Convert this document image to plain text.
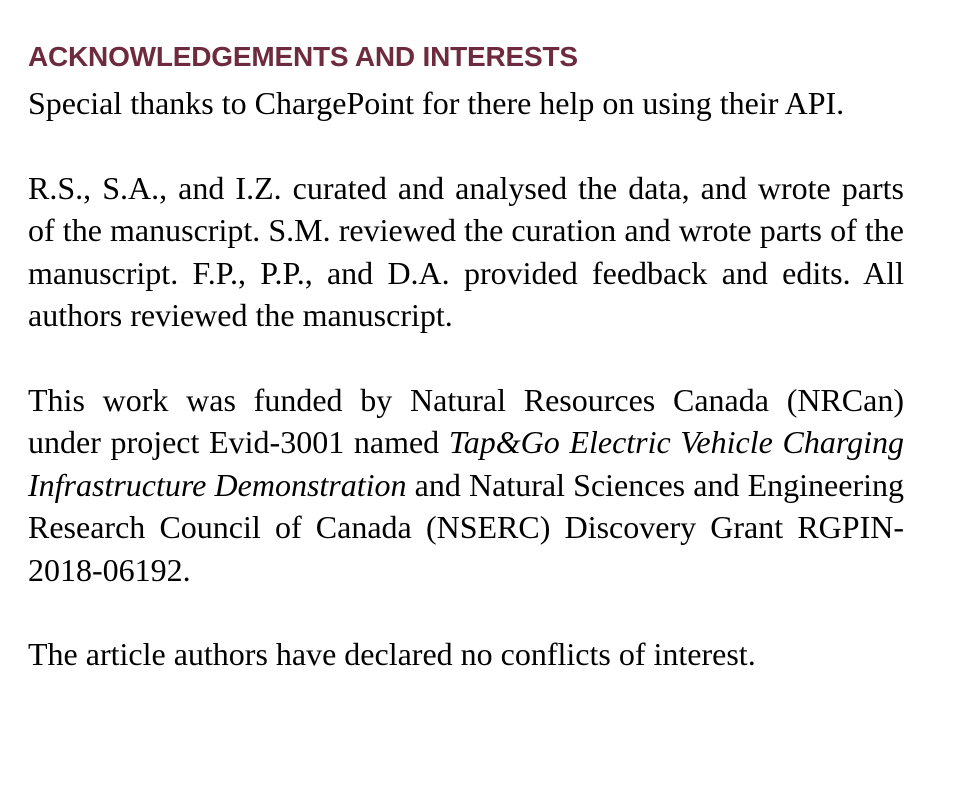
ACKNOWLEDGEMENTS AND INTERESTS

Special thanks to ChargePoint for there help on using their API.

R.S., S.A., and I.Z. curated and analysed the data, and wrote parts of the manuscript. S.M. reviewed the curation and wrote parts of the manuscript. F.P., P.P., and D.A. provided feedback and edits. All authors reviewed the manuscript.

This work was funded by Natural Resources Canada (NRCan) under project Evid-3001 named Tap&Go Electric Vehicle Charging Infrastructure Demonstration and Natural Sciences and Engineering Research Council of Canada (NSERC) Discovery Grant RGPIN-2018-06192.

The article authors have declared no conflicts of interest.
